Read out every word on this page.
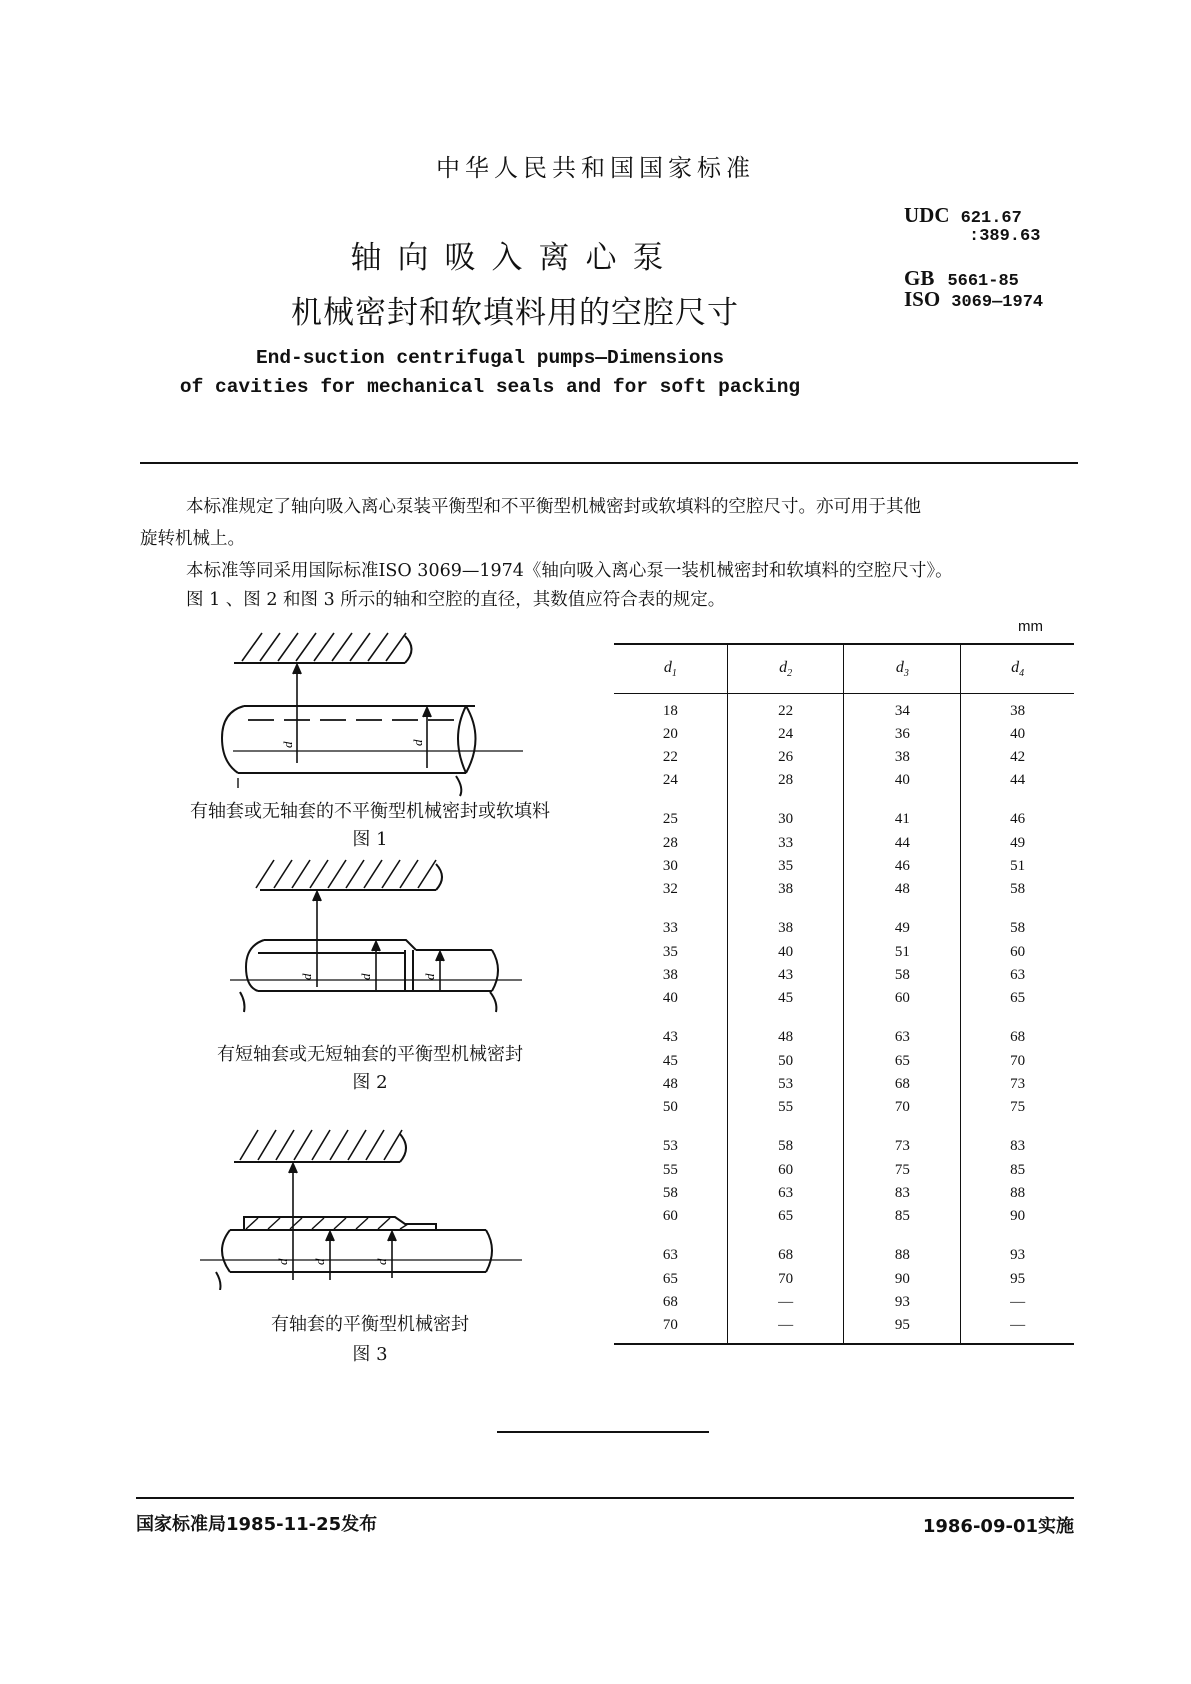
中华人民共和国国家标准
轴向吸入离心泵
机械密封和软填料用的空腔尺寸
End-suction centrifugal pumps—Dimensions
of cavities for mechanical seals and for soft packing
UDC 621.67
:389.63
GB 5661-85
ISO 3069—1974
本标准规定了轴向吸入离心泵装平衡型和不平衡型机械密封或软填料的空腔尺寸。亦可用于其他
旋转机械上。
本标准等同采用国际标准ISO 3069—1974《轴向吸入离心泵一装机械密封和软填料的空腔尺寸》。
图 1 、图 2 和图 3 所示的轴和空腔的直径，其数值应符合表的规定。
d	d
有轴套或无轴套的不平衡型机械密封或软填料
图 1
d	d	d
有短轴套或无短轴套的平衡型机械密封
图 2
d d	d
有轴套的平衡型机械密封
图 3
mm
$d_1$	$d_2$	$d_3$	$d_4$
18	22	34	38
20	24	36	40
22	26	38	42
24	28	40	44
25	30	41	46
28	33	44	49
30	35	46	51
32	38	48	58
33	38	49	58
35	40	51	60
38	43	58	63
40	45	60	65
43	48	63	68
45	50	65	70
48	53	68	73
50	55	70	75
53	58	73	83
55	60	75	85
58	63	83	88
60	65	85	90
63	68	88	93
65	70	90	95
68	—	93	—
70	—	95	—
国家标准局1985-11-25发布	1986-09-01实施
